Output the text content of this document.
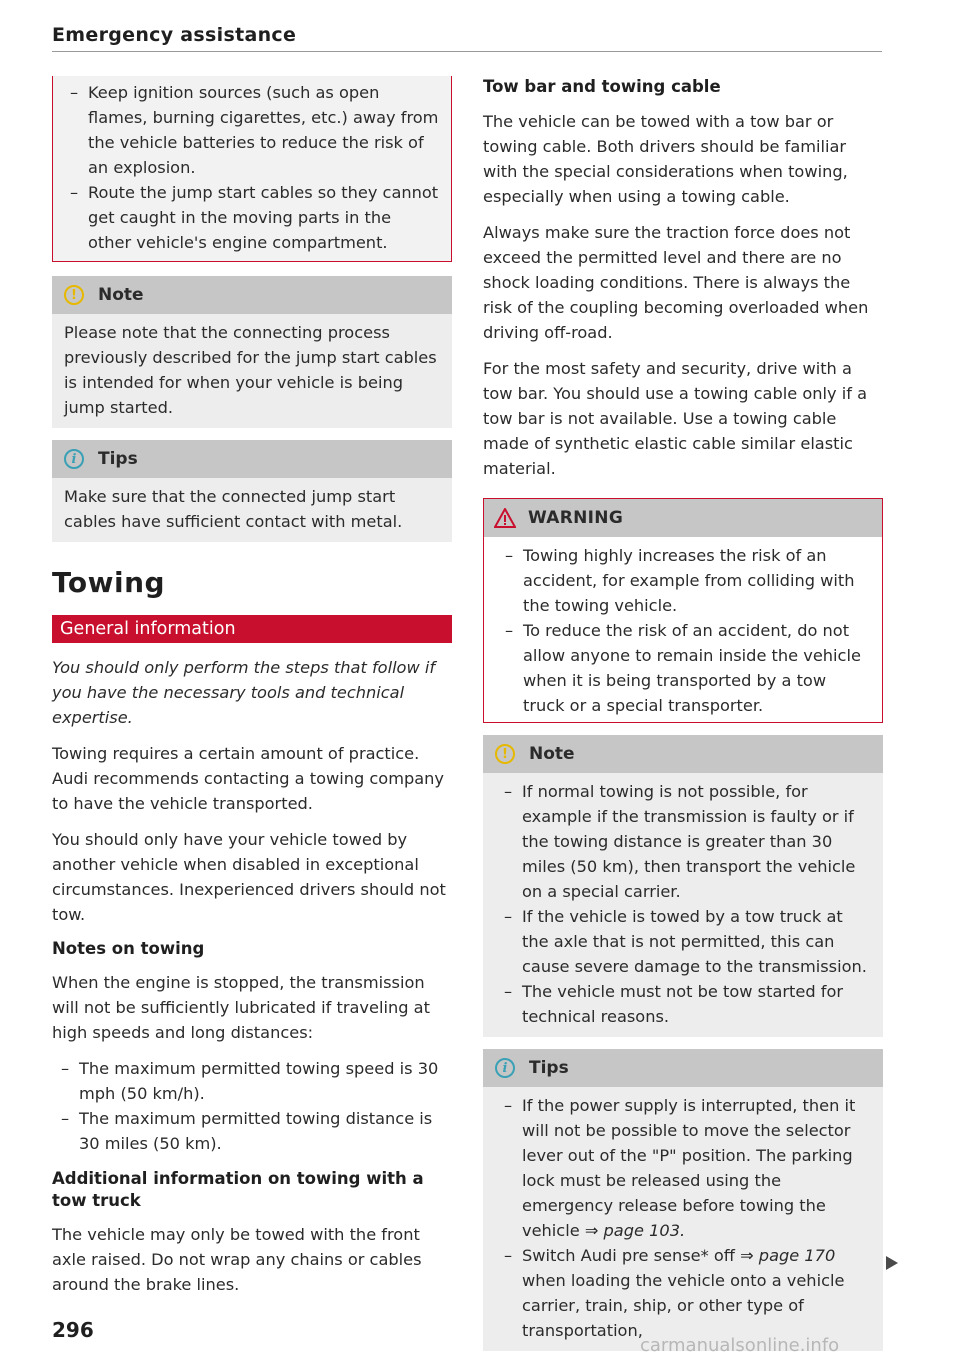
Emergency assistance
– Keep ignition sources (such as open flames, burning cigarettes, etc.) away from the vehicle batteries to reduce the risk of an explosion.
– Route the jump start cables so they cannot get caught in the moving parts in the other vehicle's engine compartment.
!	Note

Please note that the connecting process previously described for the jump start cables is intended for when your vehicle is being jump started.

i	Tips

Make sure that the connected jump start cables have sufficient contact with metal.

Towing
General information

You should only perform the steps that follow if you have the necessary tools and technical expertise.

Towing requires a certain amount of practice. Audi recommends contacting a towing company to have the vehicle transported.

You should only have your vehicle towed by another vehicle when disabled in exceptional circumstances. Inexperienced drivers should not tow.

Notes on towing

When the engine is stopped, the transmission will not be sufficiently lubricated if traveling at high speeds and long distances:

– The maximum permitted towing speed is 30 mph (50 km/h).
– The maximum permitted towing distance is 30 miles (50 km).
Additional information on towing with a tow truck

The vehicle may only be towed with the front axle raised. Do not wrap any chains or cables around the brake lines.

Tow bar and towing cable

The vehicle can be towed with a tow bar or towing cable. Both drivers should be familiar with the special considerations when towing, especially when using a towing cable.

Always make sure the traction force does not exceed the permitted level and there are no shock loading conditions. There is always the risk of the coupling becoming overloaded when driving off-road.

For the most safety and security, drive with a tow bar. You should use a towing cable only if a tow bar is not available. Use a towing cable made of synthetic elastic cable similar elastic material.

WARNING
– Towing highly increases the risk of an accident, for example from colliding with the towing vehicle.
– To reduce the risk of an accident, do not allow anyone to remain inside the vehicle when it is being transported by a tow truck or a special transporter.
!	Note
– If normal towing is not possible, for example if the transmission is faulty or if the towing distance is greater than 30 miles (50 km), then transport the vehicle on a special carrier.
– If the vehicle is towed by a tow truck at the axle that is not permitted, this can cause severe damage to the transmission.
– The vehicle must not be tow started for technical reasons.
i	Tips
– If the power supply is interrupted, then it will not be possible to move the selector lever out of the "P" position. The parking lock must be released using the emergency release before towing the vehicle ⇒ page 103.
– Switch Audi pre sense* off ⇒ page 170 when loading the vehicle onto a vehicle carrier, train, ship, or other type of transportation,
296
carmanualsonline.info
